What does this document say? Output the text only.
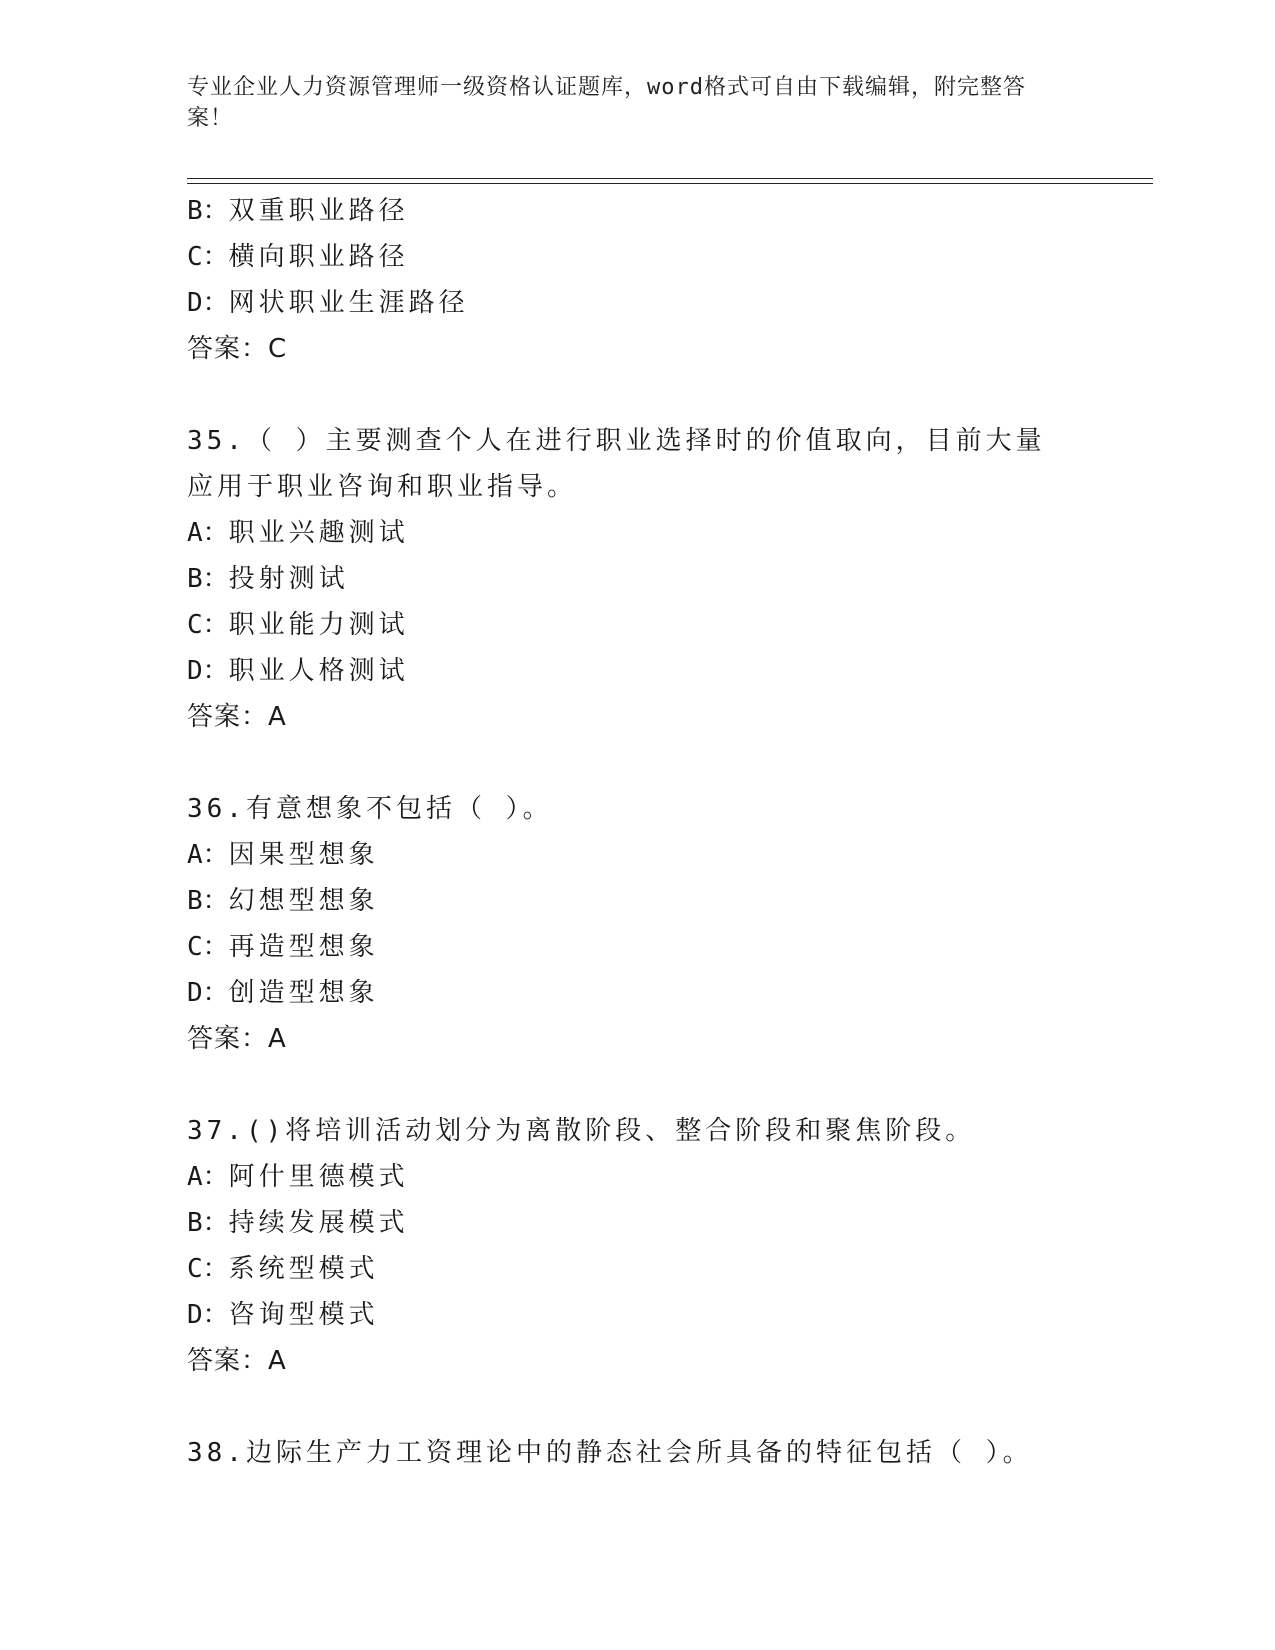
专业企业人力资源管理师一级资格认证题库，word格式可自由下载编辑，附完整答案！
B：双重职业路径
C：横向职业路径
D：网状职业生涯路径
答案：C
35.（ ）主要测查个人在进行职业选择时的价值取向，目前大量应用于职业咨询和职业指导。
A：职业兴趣测试
B：投射测试
C：职业能力测试
D：职业人格测试
答案：A
36.有意想象不包括（ ）。
A：因果型想象
B：幻想型想象
C：再造型想象
D：创造型想象
答案：A
37.()将培训活动划分为离散阶段、整合阶段和聚焦阶段。
A：阿什里德模式
B：持续发展模式
C：系统型模式
D：咨询型模式
答案：A
38.边际生产力工资理论中的静态社会所具备的特征包括（ ）。
